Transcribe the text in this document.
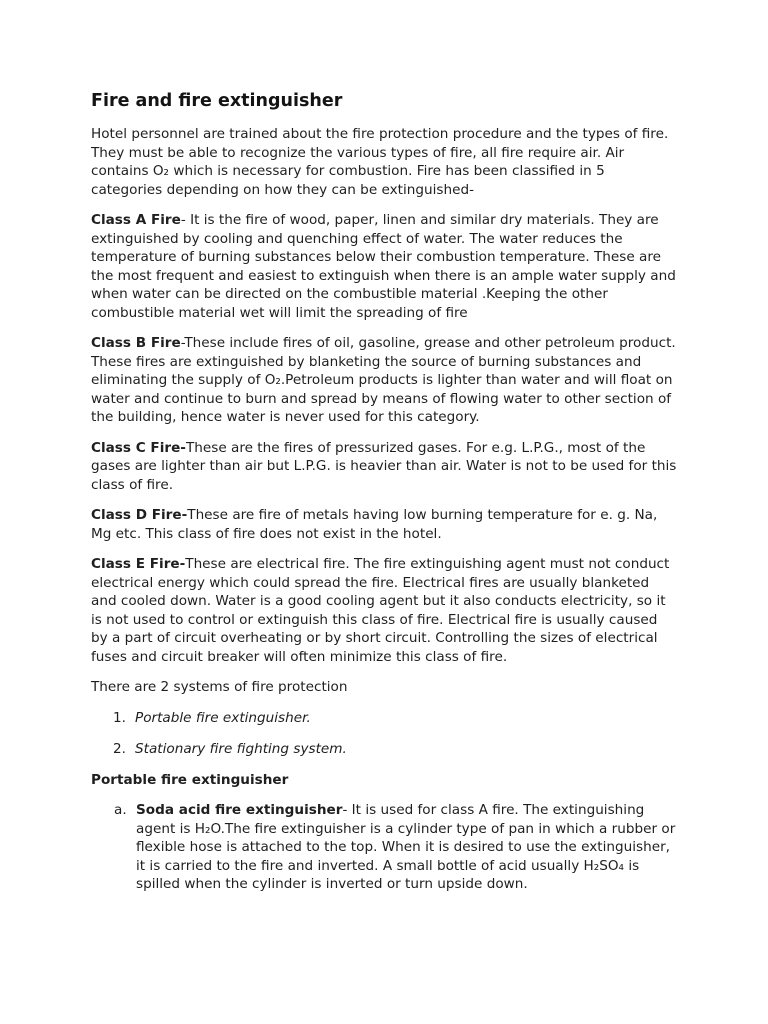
Fire and fire extinguisher

Hotel personnel are trained about the fire protection procedure and the types of fire. They must be able to recognize the various types of fire, all fire require air. Air contains O₂ which is necessary for combustion. Fire has been classified in 5 categories depending on how they can be extinguished-

Class A Fire- It is the fire of wood, paper, linen and similar dry materials. They are extinguished by cooling and quenching effect of water. The water reduces the temperature of burning substances below their combustion temperature. These are the most frequent and easiest to extinguish when there is an ample water supply and when water can be directed on the combustible material .Keeping the other combustible material wet will limit the spreading of fire

Class B Fire-These include fires of oil, gasoline, grease and other petroleum product. These fires are extinguished by blanketing the source of burning substances and eliminating the supply of O₂.Petroleum products is lighter than water and will float on water and continue to burn and spread by means of flowing water to other section of the building, hence water is never used for this category.

Class C Fire-These are the fires of pressurized gases. For e.g. L.P.G., most of the gases are lighter than air but L.P.G. is heavier than air. Water is not to be used for this class of fire.

Class D Fire-These are fire of metals having low burning temperature for e. g. Na, Mg etc. This class of fire does not exist in the hotel.

Class E Fire-These are electrical fire. The fire extinguishing agent must not conduct electrical energy which could spread the fire. Electrical fires are usually blanketed and cooled down. Water is a good cooling agent but it also conducts electricity, so it is not used to control or extinguish this class of fire. Electrical fire is usually caused by a part of circuit overheating or by short circuit. Controlling the sizes of electrical fuses and circuit breaker will often minimize this class of fire.

There are 2 systems of fire protection

1. Portable fire extinguisher.
2. Stationary fire fighting system.
Portable fire extinguisher
a. Soda acid fire extinguisher- It is used for class A fire. The extinguishing agent is H₂O.The fire extinguisher is a cylinder type of pan in which a rubber or flexible hose is attached to the top. When it is desired to use the extinguisher, it is carried to the fire and inverted. A small bottle of acid usually H₂SO₄ is spilled when the cylinder is inverted or turn upside down.
